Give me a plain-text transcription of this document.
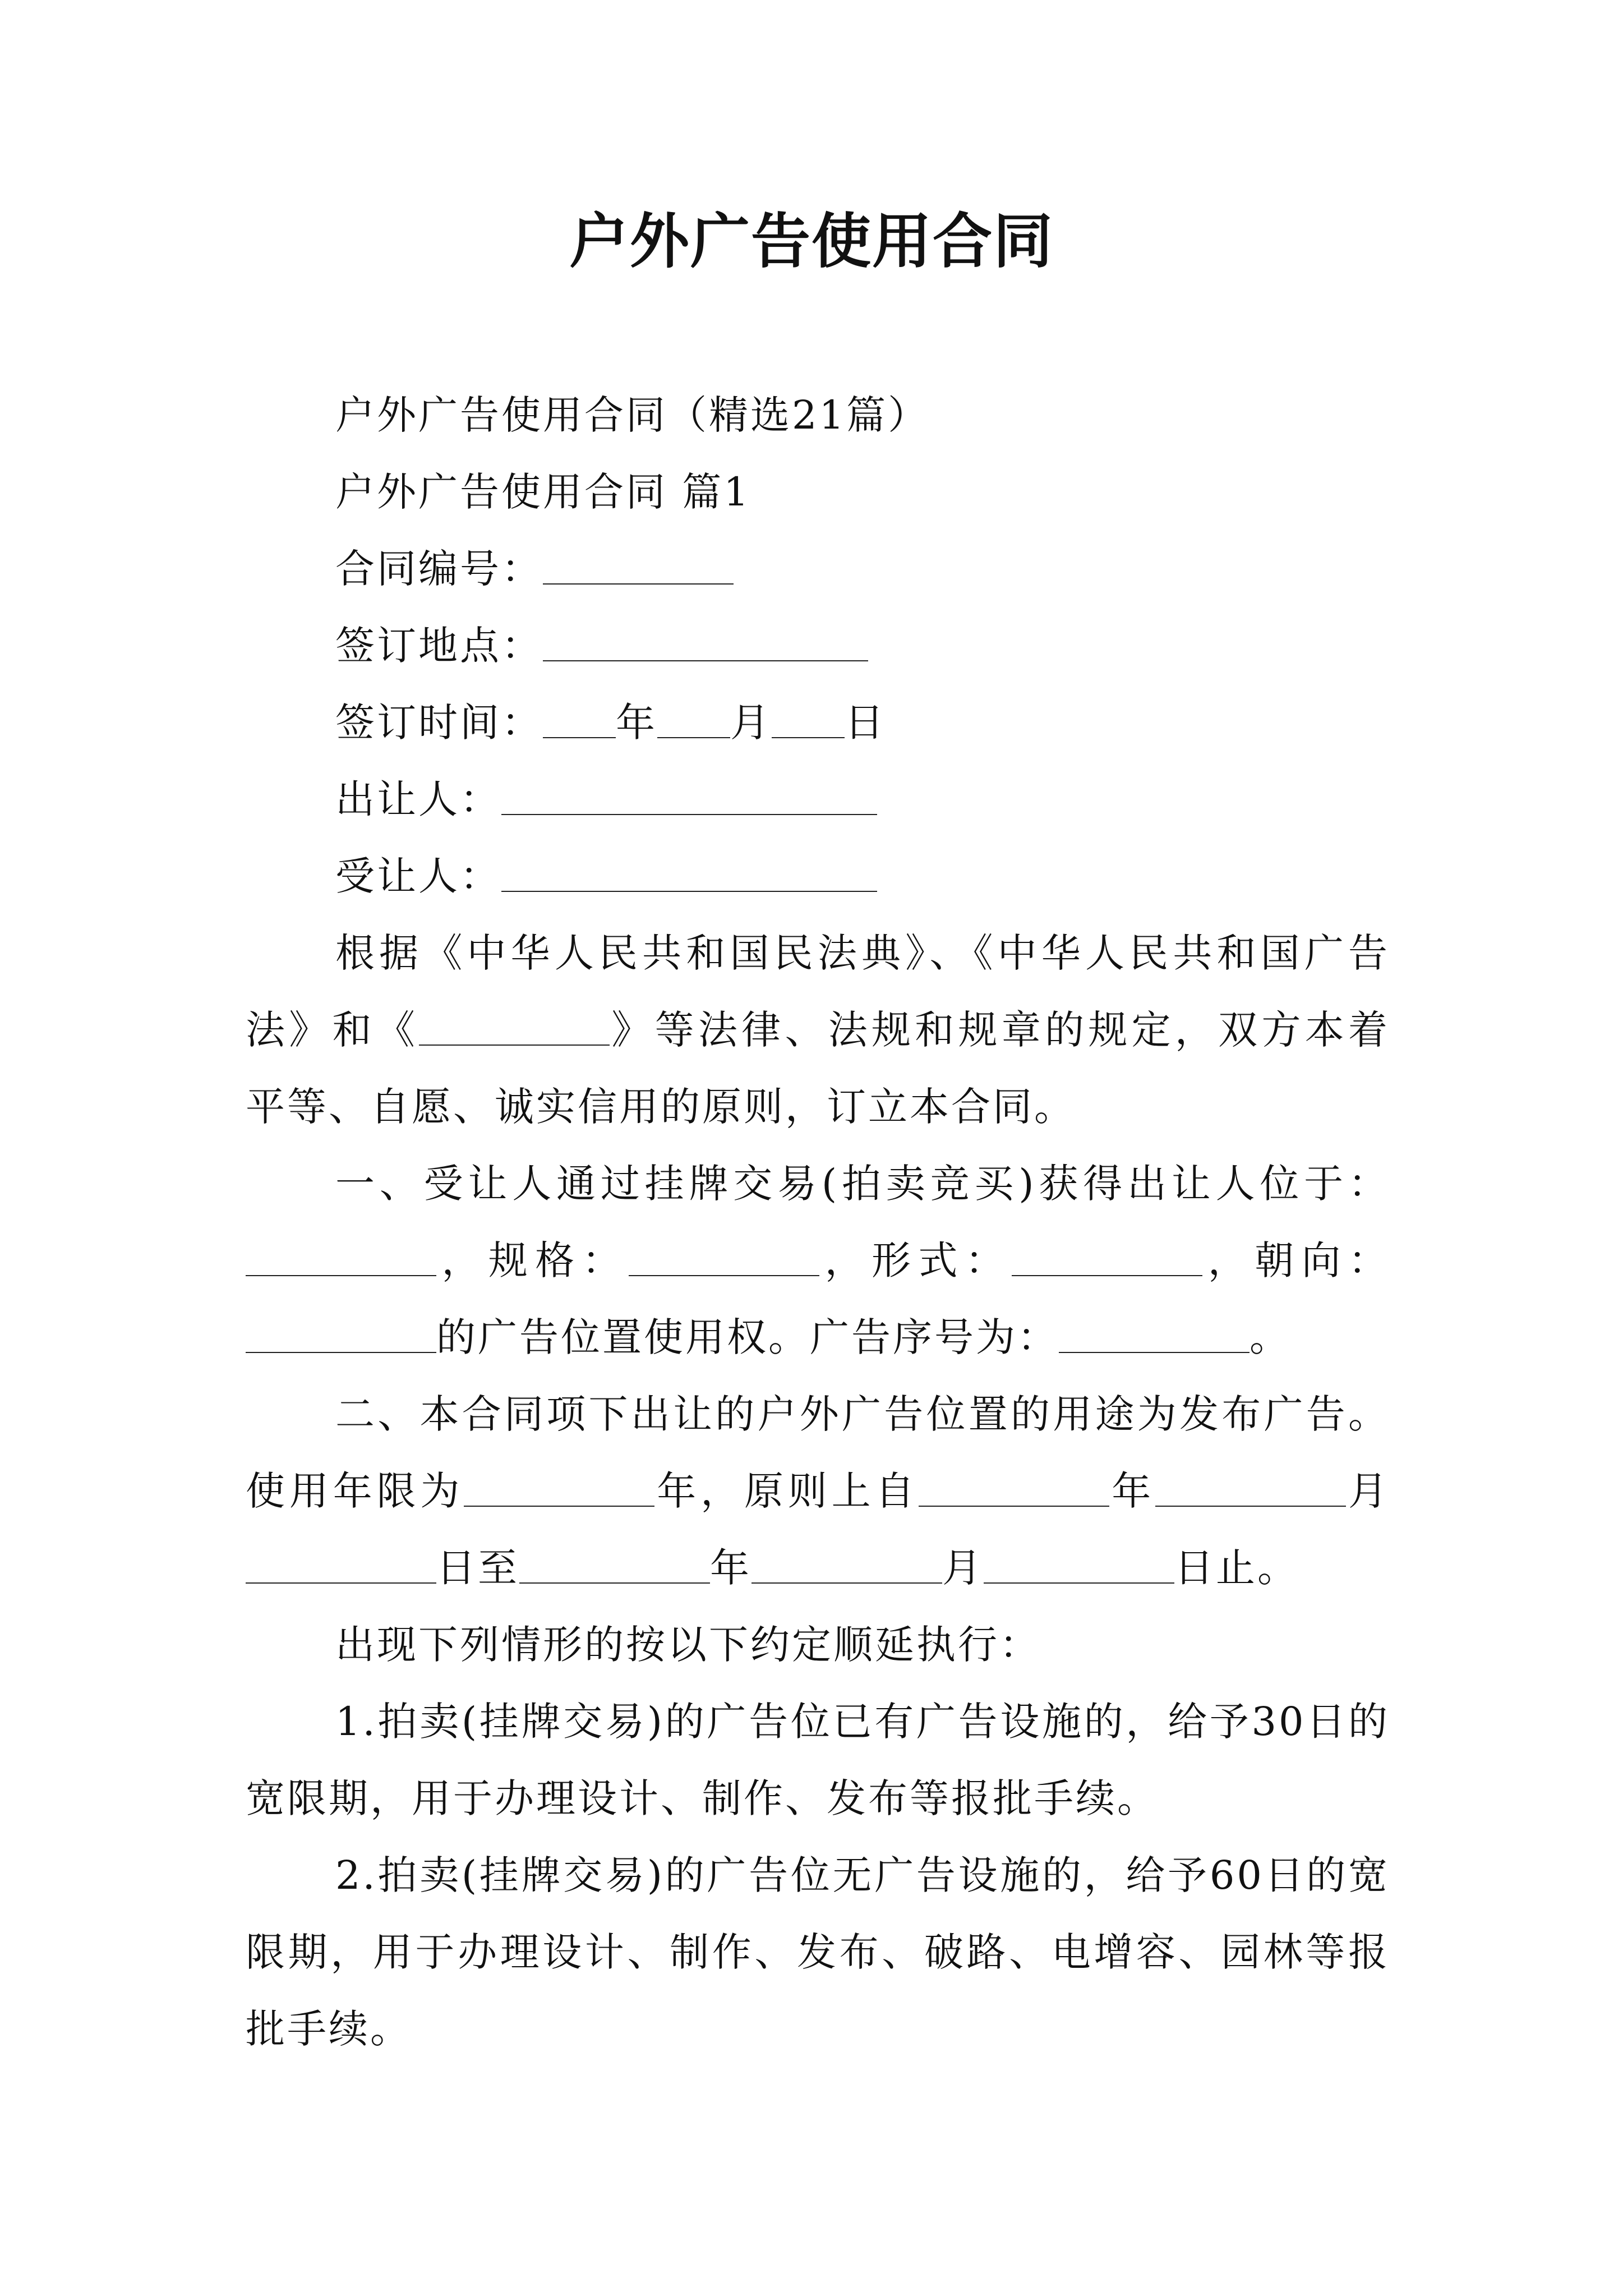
户外广告使用合同

户外广告使用合同（精选21篇）

户外广告使用合同 篇1

合同编号：

签订地点：

签订时间： 年 月 日

出让人：

受让人：

根据《中华人民共和国民法典》、《中华人民共和国广告法》和《	》等法律、法规和规章的规定，双方本着平等、自愿、诚实信用的原则，订立本合同。

一、受让人通过挂牌交易(拍卖竞买)获得出让人位于：，规格：	，形式：	，朝向：的广告位置使用权。广告序号为：	。

二、本合同项下出让的户外广告位置的用途为发布广告。使用年限为	年，原则上自	年	月日至	年	月	日止。

出现下列情形的按以下约定顺延执行：

1.拍卖(挂牌交易)的广告位已有广告设施的，给予30日的宽限期，用于办理设计、制作、发布等报批手续。

2.拍卖(挂牌交易)的广告位无广告设施的，给予60日的宽限期，用于办理设计、制作、发布、破路、电增容、园林等报批手续。
